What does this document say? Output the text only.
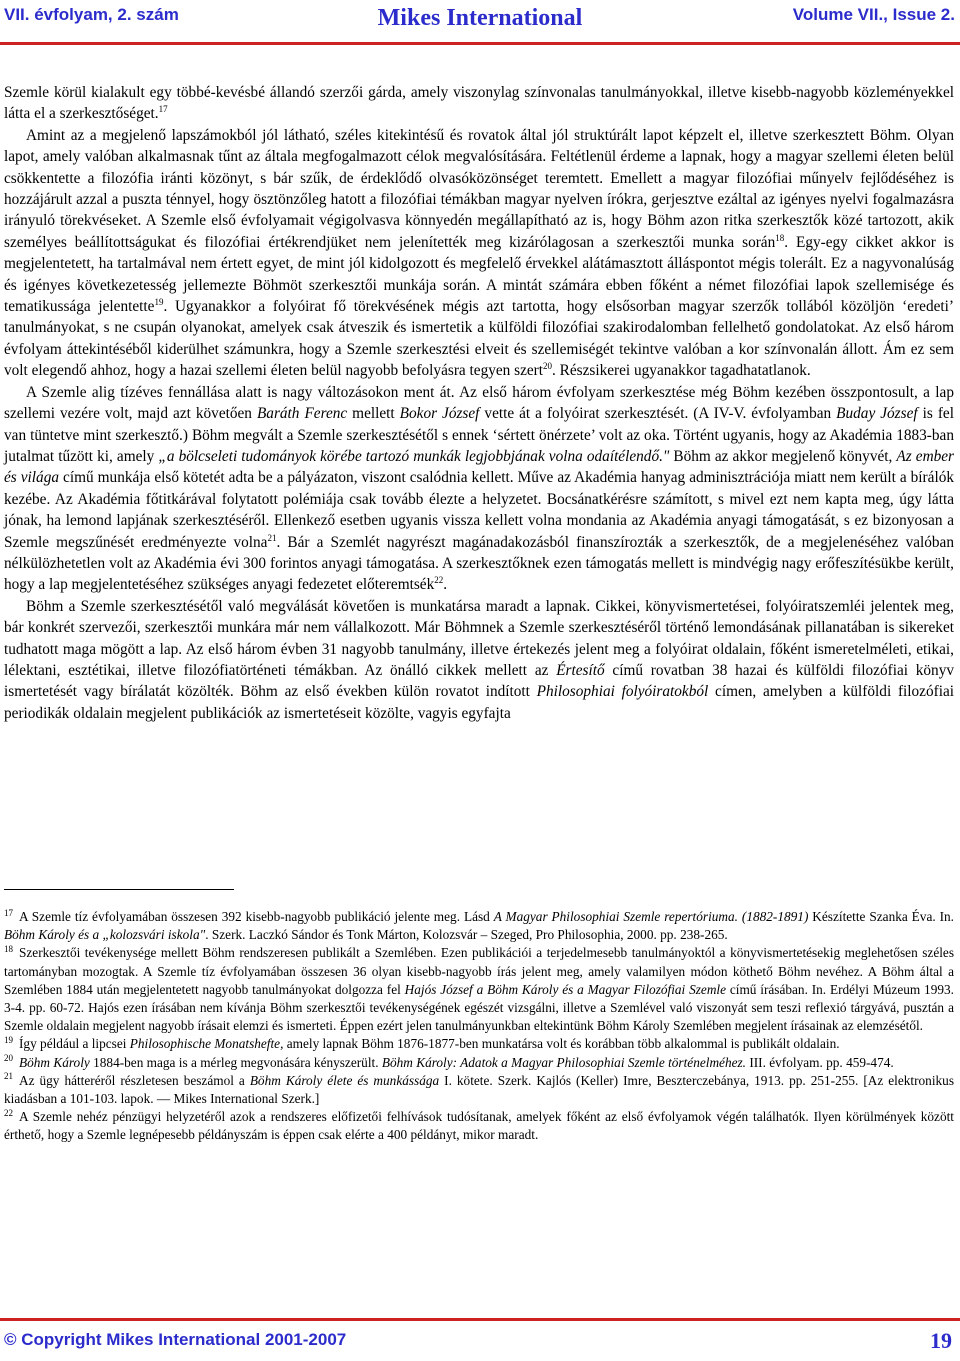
VII. évfolyam, 2. szám	Mikes International	Volume VII., Issue 2.

Szemle körül kialakult egy többé-kevésbé állandó szerzői gárda, amely viszonylag színvonalas tanulmányokkal, illetve kisebb-nagyobb közleményekkel látta el a szerkesztőséget.$^{17}$

Amint az a megjelenő lapszámokból jól látható, széles kitekintésű és rovatok által jól struktúrált lapot képzelt el, illetve szerkesztett Böhm. Olyan lapot, amely valóban alkalmasnak tűnt az általa megfogalmazott célok megvalósítására. Feltétlenül érdeme a lapnak, hogy a magyar szellemi életen belül csökkentette a filozófia iránti közönyt, s bár szűk, de érdeklődő olvasóközönséget teremtett. Emellett a magyar filozófiai műnyelv fejlődéséhez is hozzájárult azzal a puszta ténnyel, hogy ösztönzőleg hatott a filozófiai témákban magyar nyelven írókra, gerjesztve ezáltal az igényes nyelvi fogalmazásra irányuló törekvéseket. A Szemle első évfolyamait végigolvasva könnyedén megállapítható az is, hogy Böhm azon ritka szerkesztők közé tartozott, akik személyes beállítottságukat és filozófiai értékrendjüket nem jelenítették meg kizárólagosan a szerkesztői munka során$^{18}$. Egy-egy cikket akkor is megjelentetett, ha tartalmával nem értett egyet, de mint jól kidolgozott és megfelelő érvekkel alátámasztott álláspontot mégis tolerált. Ez a nagyvonalúság és igényes következetesség jellemezte Böhmöt szerkesztői munkája során. A mintát számára ebben főként a német filozófiai lapok szellemisége és tematikussága jelentette$^{19}$. Ugyanakkor a folyóirat fő törekvésének mégis azt tartotta, hogy elsősorban magyar szerzők tollából közöljön ‘eredeti’ tanulmányokat, s ne csupán olyanokat, amelyek csak átveszik és ismertetik a külföldi filozófiai szakirodalomban fellelhető gondolatokat. Az első három évfolyam áttekintéséből kiderülhet számunkra, hogy a Szemle szerkesztési elveit és szellemiségét tekintve valóban a kor színvonalán állott. Ám ez sem volt elegendő ahhoz, hogy a hazai szellemi életen belül nagyobb befolyásra tegyen szert$^{20}$. Részsikerei ugyanakkor tagadhatatlanok.

A Szemle alig tízéves fennállása alatt is nagy változásokon ment át. Az első három évfolyam szerkesztése még Böhm kezében összpontosult, a lap szellemi vezére volt, majd azt követően Baráth Ferenc mellett Bokor József vette át a folyóirat szerkesztését. (A IV-V. évfolyamban Buday József is fel van tüntetve mint szerkesztő.) Böhm megvált a Szemle szerkesztésétől s ennek ‘sértett önérzete’ volt az oka. Történt ugyanis, hogy az Akadémia 1883-ban jutalmat tűzött ki, amely „a bölcseleti tudományok körébe tartozó munkák legjobbjának volna odaítélendő." Böhm az akkor megjelenő könyvét, Az ember és világa című munkája első kötetét adta be a pályázaton, viszont csalódnia kellett. Műve az Akadémia hanyag adminisztrációja miatt nem került a bírálók kezébe. Az Akadémia főtitkárával folytatott polémiája csak tovább élezte a helyzetet. Bocsánatkérésre számított, s mivel ezt nem kapta meg, úgy látta jónak, ha lemond lapjának szerkesztéséről. Ellenkező esetben ugyanis vissza kellett volna mondania az Akadémia anyagi támogatását, s ez bizonyosan a Szemle megszűnését eredményezte volna$^{21}$. Bár a Szemlét nagyrészt magánadakozásból finanszírozták a szerkesztők, de a megjelenéséhez valóban nélkülözhetetlen volt az Akadémia évi 300 forintos anyagi támogatása. A szerkesztőknek ezen támogatás mellett is mindvégig nagy erőfeszítésükbe került, hogy a lap megjelentetéséhez szükséges anyagi fedezetet előteremtsék$^{22}$.

Böhm a Szemle szerkesztésétől való megválását követően is munkatársa maradt a lapnak. Cikkei, könyvismertetései, folyóiratszemléi jelentek meg, bár konkrét szervezői, szerkesztői munkára már nem vállalkozott. Már Böhmnek a Szemle szerkesztéséről történő lemondásának pillanatában is sikereket tudhatott maga mögött a lap. Az első három évben 31 nagyobb tanulmány, illetve értekezés jelent meg a folyóirat oldalain, főként ismeretelméleti, etikai, lélektani, esztétikai, illetve filozófiatörténeti témákban. Az önálló cikkek mellett az Értesítő című rovatban 38 hazai és külföldi filozófiai könyv ismertetését vagy bírálatát közölték. Böhm az első években külön rovatot indított Philosophiai folyóiratokból címen, amelyben a külföldi filozófiai periodikák oldalain megjelent publikációk az ismertetéseit közölte, vagyis egyfajta

$^{17}$ A Szemle tíz évfolyamában összesen 392 kisebb-nagyobb publikáció jelente meg. Lásd A Magyar Philosophiai Szemle repertóriuma. (1882-1891) Készítette Szanka Éva. In. Böhm Károly és a „kolozsvári iskola". Szerk. Laczkó Sándor és Tonk Márton, Kolozsvár – Szeged, Pro Philosophia, 2000. pp. 238-265.

$^{18}$ Szerkesztői tevékenysége mellett Böhm rendszeresen publikált a Szemlében. Ezen publikációi a terjedelmesebb tanulmányoktól a könyvismertetésekig meglehetősen széles tartományban mozogtak. A Szemle tíz évfolyamában összesen 36 olyan kisebb-nagyobb írás jelent meg, amely valamilyen módon köthető Böhm nevéhez. A Böhm által a Szemlében 1884 után megjelentetett nagyobb tanulmányokat dolgozza fel Hajós József a Böhm Károly és a Magyar Filozófiai Szemle című írásában. In. Erdélyi Múzeum 1993. 3-4. pp. 60-72. Hajós ezen írásában nem kívánja Böhm szerkesztői tevékenységének egészét vizsgálni, illetve a Szemlével való viszonyát sem teszi reflexió tárgyává, pusztán a Szemle oldalain megjelent nagyobb írásait elemzi és ismerteti. Éppen ezért jelen tanulmányunkban eltekintünk Böhm Károly Szemlében megjelent írásainak az elemzésétől.

$^{19}$ Így például a lipcsei Philosophische Monatshefte, amely lapnak Böhm 1876-1877-ben munkatársa volt és korábban több alkalommal is publikált oldalain.

$^{20}$ Böhm Károly 1884-ben maga is a mérleg megvonására kényszerült. Böhm Károly: Adatok a Magyar Philosophiai Szemle történelméhez. III. évfolyam. pp. 459-474.

$^{21}$ Az ügy hátteréről részletesen beszámol a Böhm Károly élete és munkássága I. kötete. Szerk. Kajlós (Keller) Imre, Beszterczebánya, 1913. pp. 251-255. [Az elektronikus kiadásban a 101-103. lapok. — Mikes International Szerk.]

$^{22}$ A Szemle nehéz pénzügyi helyzetéről azok a rendszeres előfizetői felhívások tudósítanak, amelyek főként az első évfolyamok végén találhatók. Ilyen körülmények között érthető, hogy a Szemle legnépesebb példányszám is éppen csak elérte a 400 példányt, mikor maradt.

© Copyright Mikes International 2001-2007	19
